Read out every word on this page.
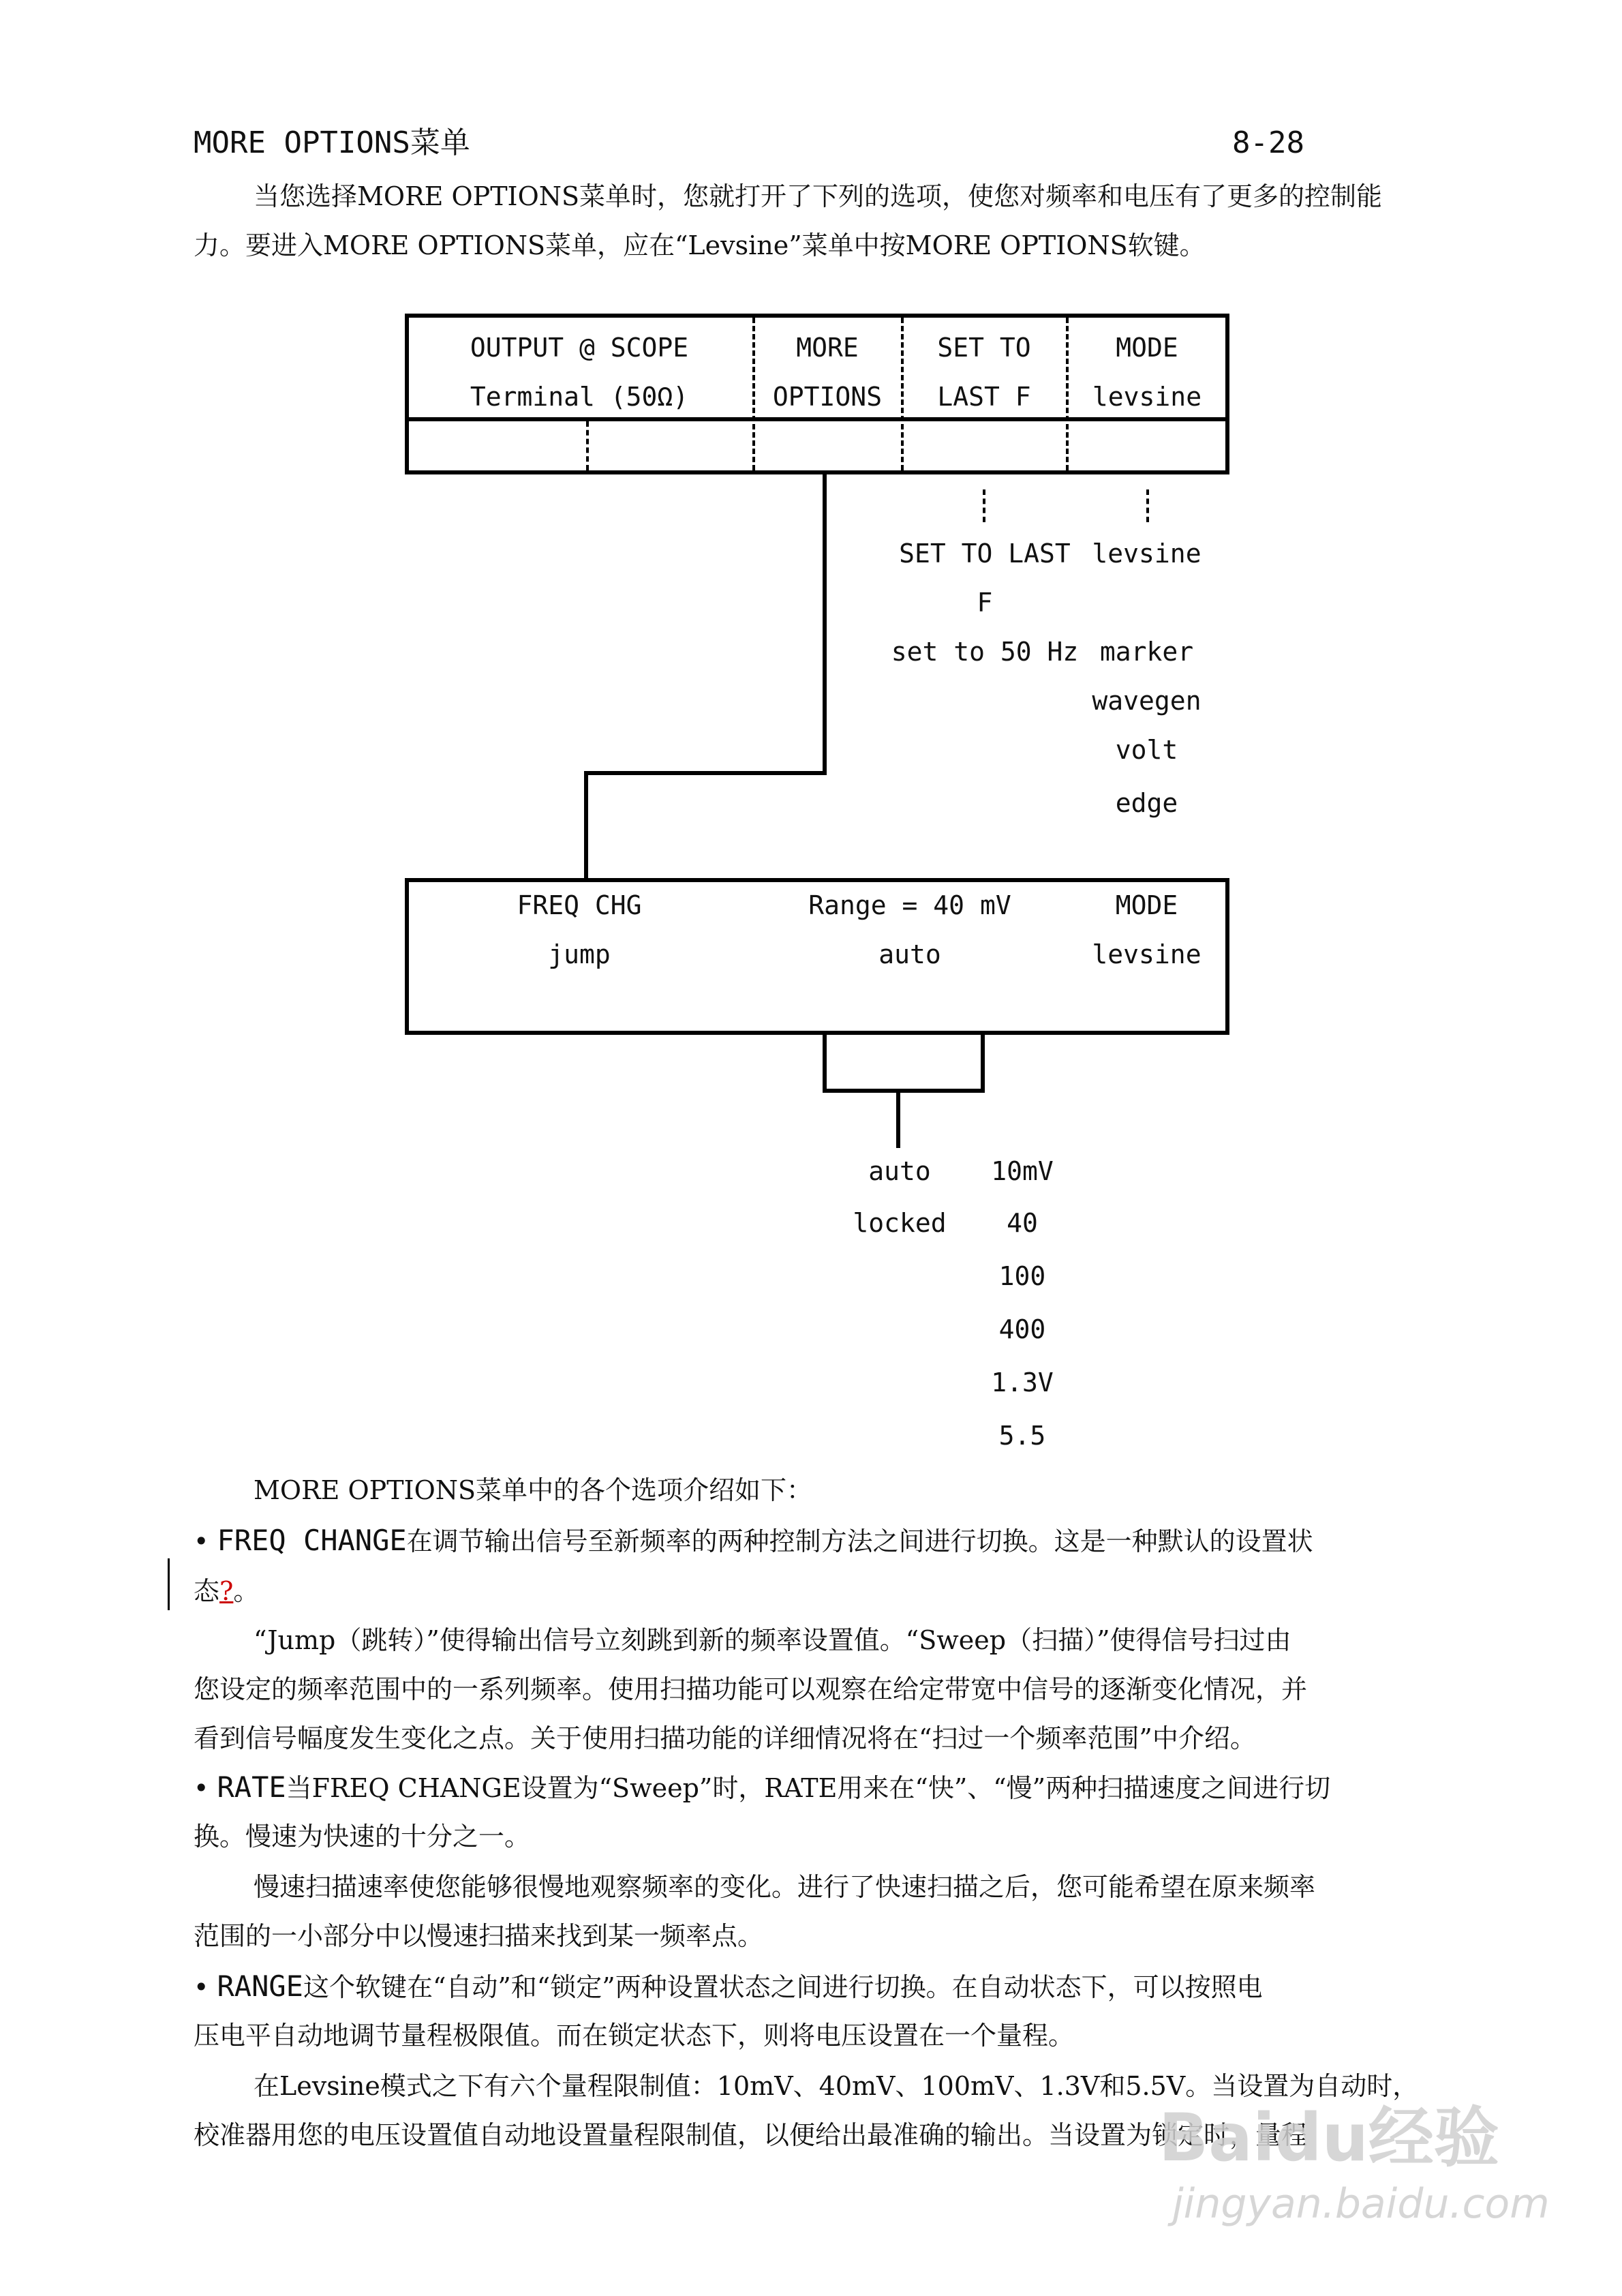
MORE OPTIONS菜单	8-28
当您选择MORE OPTIONS菜单时，您就打开了下列的选项，使您对频率和电压有了更多的控制能
力。要进入MORE OPTIONS菜单，应在“Levsine”菜单中按MORE OPTIONS软键。
OUTPUT @ SCOPE
Terminal (50Ω)
MORE
OPTIONS
SET TO
LAST F
MODE
levsine
SET TO LAST
F
set to 50 Hz
levsine
marker
wavegen
volt
edge
FREQ CHG
jump
Range = 40 mV
auto
MODE
levsine
auto
locked
10mV
40
100
400
1.3V
5.5
MORE OPTIONS菜单中的各个选项介绍如下：
• FREQ CHANGE在调节输出信号至新频率的两种控制方法之间进行切换。这是一种默认的设置状
态?。
“Jump（跳转）”使得输出信号立刻跳到新的频率设置值。“Sweep（扫描）”使得信号扫过由
您设定的频率范围中的一系列频率。使用扫描功能可以观察在给定带宽中信号的逐渐变化情况，并
看到信号幅度发生变化之点。关于使用扫描功能的详细情况将在“扫过一个频率范围”中介绍。
• RATE当FREQ CHANGE设置为“Sweep”时，RATE用来在“快”、“慢”两种扫描速度之间进行切
换。慢速为快速的十分之一。
慢速扫描速率使您能够很慢地观察频率的变化。进行了快速扫描之后，您可能希望在原来频率
范围的一小部分中以慢速扫描来找到某一频率点。
• RANGE这个软键在“自动”和“锁定”两种设置状态之间进行切换。在自动状态下，可以按照电
压电平自动地调节量程极限值。而在锁定状态下，则将电压设置在一个量程。
在Levsine模式之下有六个量程限制值：10mV、40mV、100mV、1.3V和5.5V。当设置为自动时，
校准器用您的电压设置值自动地设置量程限制值，以便给出最准确的输出。当设置为锁定时，量程
Baidu经验
jingyan.baidu.com
